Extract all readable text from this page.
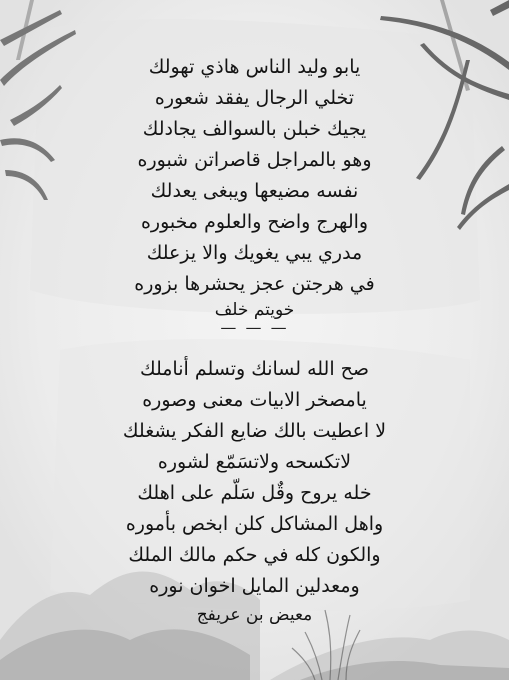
يابو وليد الناس هاذي تهولك
تخلي الرجال يفقد شعوره
يجيك خبلن بالسوالف يجادلك
وهو بالمراجل قاصراتن شبوره
نفسه مضيعها ويبغى يعدلك
والهرج واضح والعلوم مخبوره
مدري يبي يغويك والا يزعلك
في هرجتن عجز يحشرها بزوره
خويتم خلف
— — —
صح الله لسانك وتسلم أناملك
يامصخر الابيات معنى وصوره
لا اعطيت بالك ضايع الفكر يشغلك
لاتكسحه ولاتسَمّع لشوره
خله يروح وقٌل سَلّم على اهلك
واهل المشاكل كلن ابخص بأموره
والكون كله في حكم مالك الملك
ومعدلين المايل اخوان نوره
معيض بن عريفج
